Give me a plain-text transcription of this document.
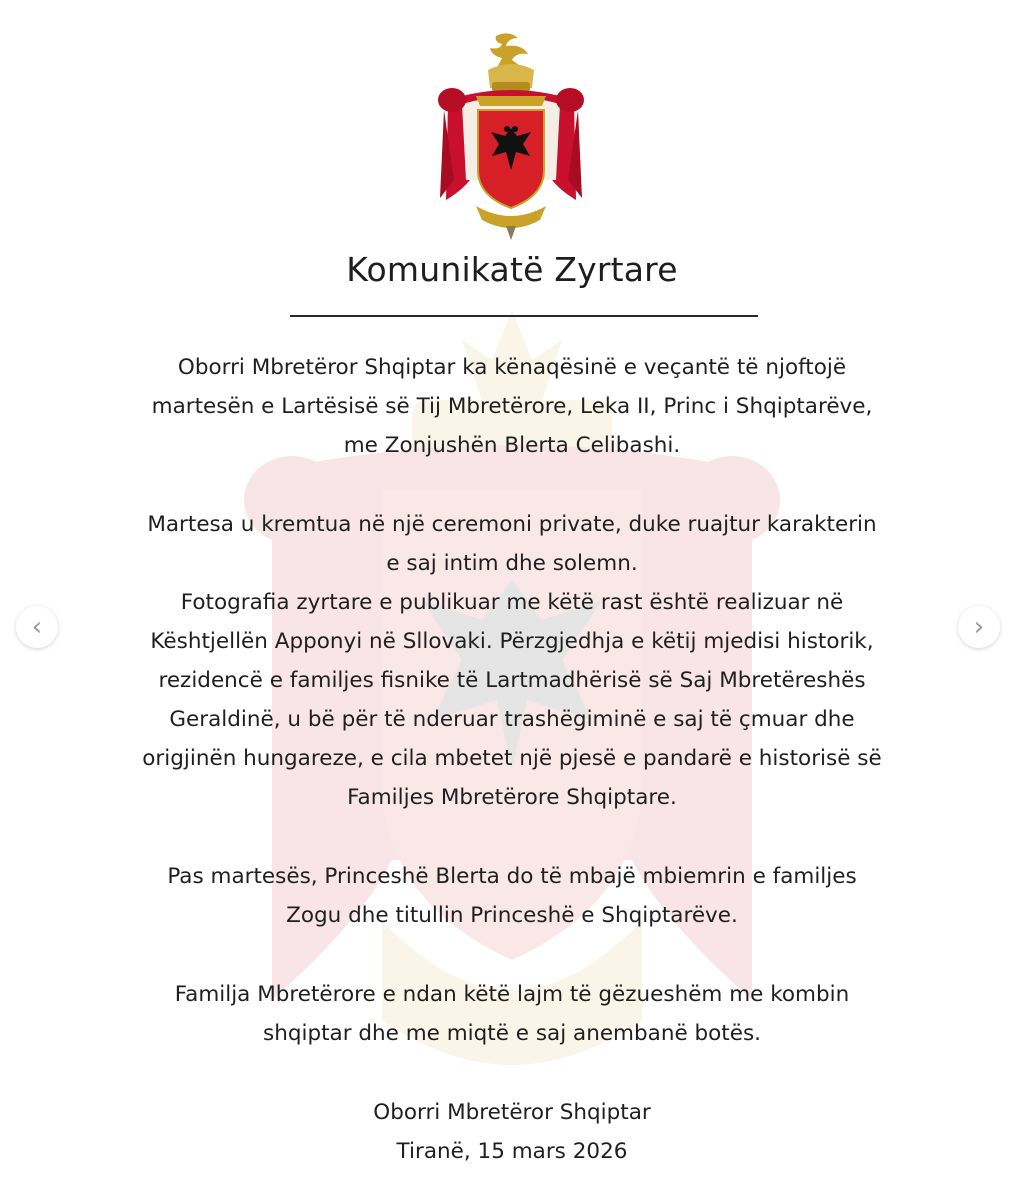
Komunikatë Zyrtare
Oborri Mbretëror Shqiptar ka kënaqësinë e veçantë të njoftojë
martesën e Lartësisë së Tij Mbretërore, Leka II, Princ i Shqiptarëve,
me Zonjushën Blerta Celibashi.
Martesa u kremtua në një ceremoni private, duke ruajtur karakterin
e saj intim dhe solemn.
Fotografia zyrtare e publikuar me këtë rast është realizuar në
Kështjellën Apponyi në Sllovaki. Përzgjedhja e këtij mjedisi historik,
rezidencë e familjes fisnike të Lartmadhërisë së Saj Mbretëreshës
Geraldinë, u bë për të nderuar trashëgiminë e saj të çmuar dhe
origjinën hungareze, e cila mbetet një pjesë e pandarë e historisë së
Familjes Mbretërore Shqiptare.
Pas martesës, Princeshë Blerta do të mbajë mbiemrin e familjes
Zogu dhe titullin Princeshë e Shqiptarëve.
Familja Mbretërore e ndan këtë lajm të gëzueshëm me kombin
shqiptar dhe me miqtë e saj anembanë botës.
Oborri Mbretëror Shqiptar
Tiranë, 15 mars 2026
‹	›
